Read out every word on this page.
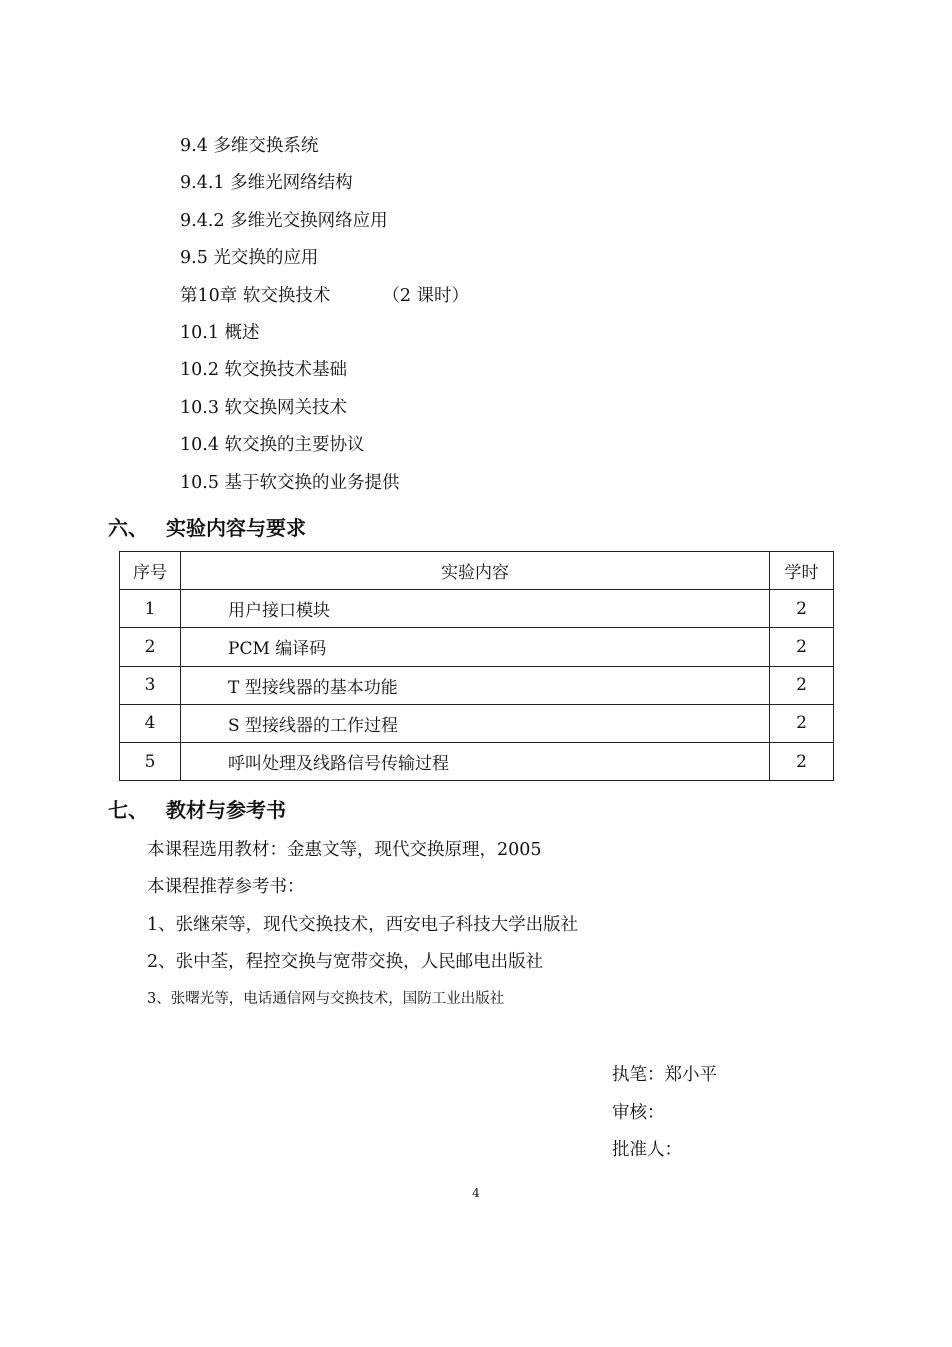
9.4 多维交换系统
9.4.1 多维光网络结构
9.4.2 多维光交换网络应用
9.5 光交换的应用
第10章 软交换技术	（2 课时）
10.1 概述
10.2 软交换技术基础
10.3 软交换网关技术
10.4 软交换的主要协议
10.5 基于软交换的业务提供
六、 实验内容与要求
序号	实验内容	学时
1	用户接口模块	2
2	PCM 编译码	2
3	T 型接线器的基本功能	2
4	S 型接线器的工作过程	2
5	呼叫处理及线路信号传输过程	2
七、 教材与参考书
本课程选用教材：金惠文等，现代交换原理，2005
本课程推荐参考书：
1、张继荣等，现代交换技术，西安电子科技大学出版社
2、张中荃，程控交换与宽带交换，人民邮电出版社
3、张曙光等，电话通信网与交换技术，国防工业出版社
执笔：郑小平
审核：
批准人：
4
